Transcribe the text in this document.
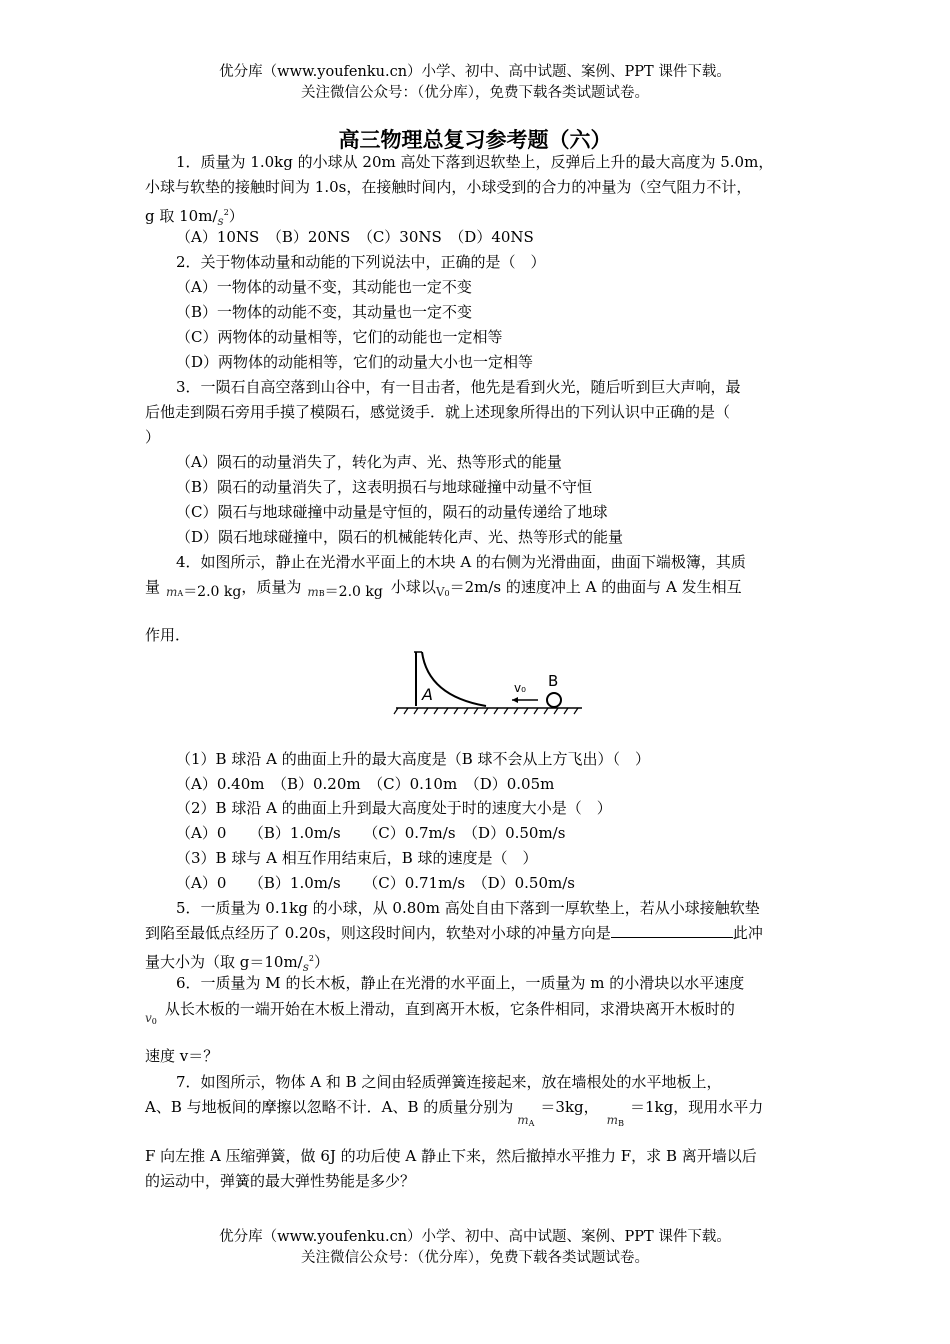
优分库（www.youfenku.cn）小学、初中、高中试题、案例、PPT 课件下载。
关注微信公众号：（优分库），免费下载各类试题试卷。
高三物理总复习参考题（六）
1．质量为 1.0kg 的小球从 20m 高处下落到迟软垫上，反弹后上升的最大高度为 5.0m，
小球与软垫的接触时间为 1.0s，在接触时间内，小球受到的合力的冲量为（空气阻力不计，
g 取 $10m/_s^2$）
（A）10NS　（B）20NS　（C）30NS　（D）40NS
2．关于物体动量和动能的下列说法中，正确的是（　）
（A）一物体的动量不变，其动能也一定不变
（B）一物体的动能不变，其动量也一定不变
（C）两物体的动量相等，它们的动能也一定相等
（D）两物体的动能相等，它们的动量大小也一定相等
3．一陨石自高空落到山谷中，有一目击者，他先是看到火光，随后听到巨大声响，最
后他走到陨石旁用手摸了模陨石，感觉烫手．就上述现象所得出的下列认识中正确的是（
）
（A）陨石的动量消失了，转化为声、光、热等形式的能量
（B）陨石的动量消失了，这表明损石与地球碰撞中动量不守恒
（C）陨石与地球碰撞中动量是守恒的，陨石的动量传递给了地球
（D）陨石地球碰撞中，陨石的机械能转化声、光、热等形式的能量
4．如图所示，静止在光滑水平面上的木块 A 的右侧为光滑曲面，曲面下端极簿，其质
量 $_{mA}$＝2.0 kg，质量为 $_{mB}$＝2.0 kg 小球以$_{V0}$＝2m/s 的速度冲上 A 的曲面与 A 发生相互
作用．
（1）B 球沿 A 的曲面上升的最大高度是（B 球不会从上方飞出）（　）
（A）0.40m　（B）0.20m　（C）0.10m　（D）0.05m
（2）B 球沿 A 的曲面上升到最大高度处于时的速度大小是（　）
（A）0　　（B）1.0m/s　　（C）0.7m/s　（D）0.50m/s
（3）B 球与 A 相互作用结束后，B 球的速度是（　）
（A）0　　（B）1.0m/s　　（C）0.71m/s　（D）0.50m/s
5．一质量为 0.1kg 的小球，从 0.80m 高处自由下落到一厚软垫上，若从小球接触软垫
到陷至最低点经历了 0.20s，则这段时间内，软垫对小球的冲量方向是	此冲
量大小为（取 $g=10m/_s^2$）
6．一质量为 M 的长木板，静止在光滑的水平面上，一质量为 m 的小滑块以水平速度
$_{v0}$从长木板的一端开始在木板上滑动，直到离开木板，它条件相同，求滑块离开木板时的
速度 v＝？
7．如图所示，物体 A 和 B 之间由轻质弹簧连接起来，放在墙根处的水平地板上，
A、B 与地板间的摩擦以忽略不计．A、B 的质量分别为$_{mA}$＝3kg，$_{mB}$＝1kg，现用水平力
F 向左推 A 压缩弹簧，做 6J 的功后使 A 静止下来，然后撤掉水平推力 F，求 B 离开墙以后
的运动中，弹簧的最大弹性势能是多少？
A	v₀ B
优分库（www.youfenku.cn）小学、初中、高中试题、案例、PPT 课件下载。
关注微信公众号：（优分库），免费下载各类试题试卷。
